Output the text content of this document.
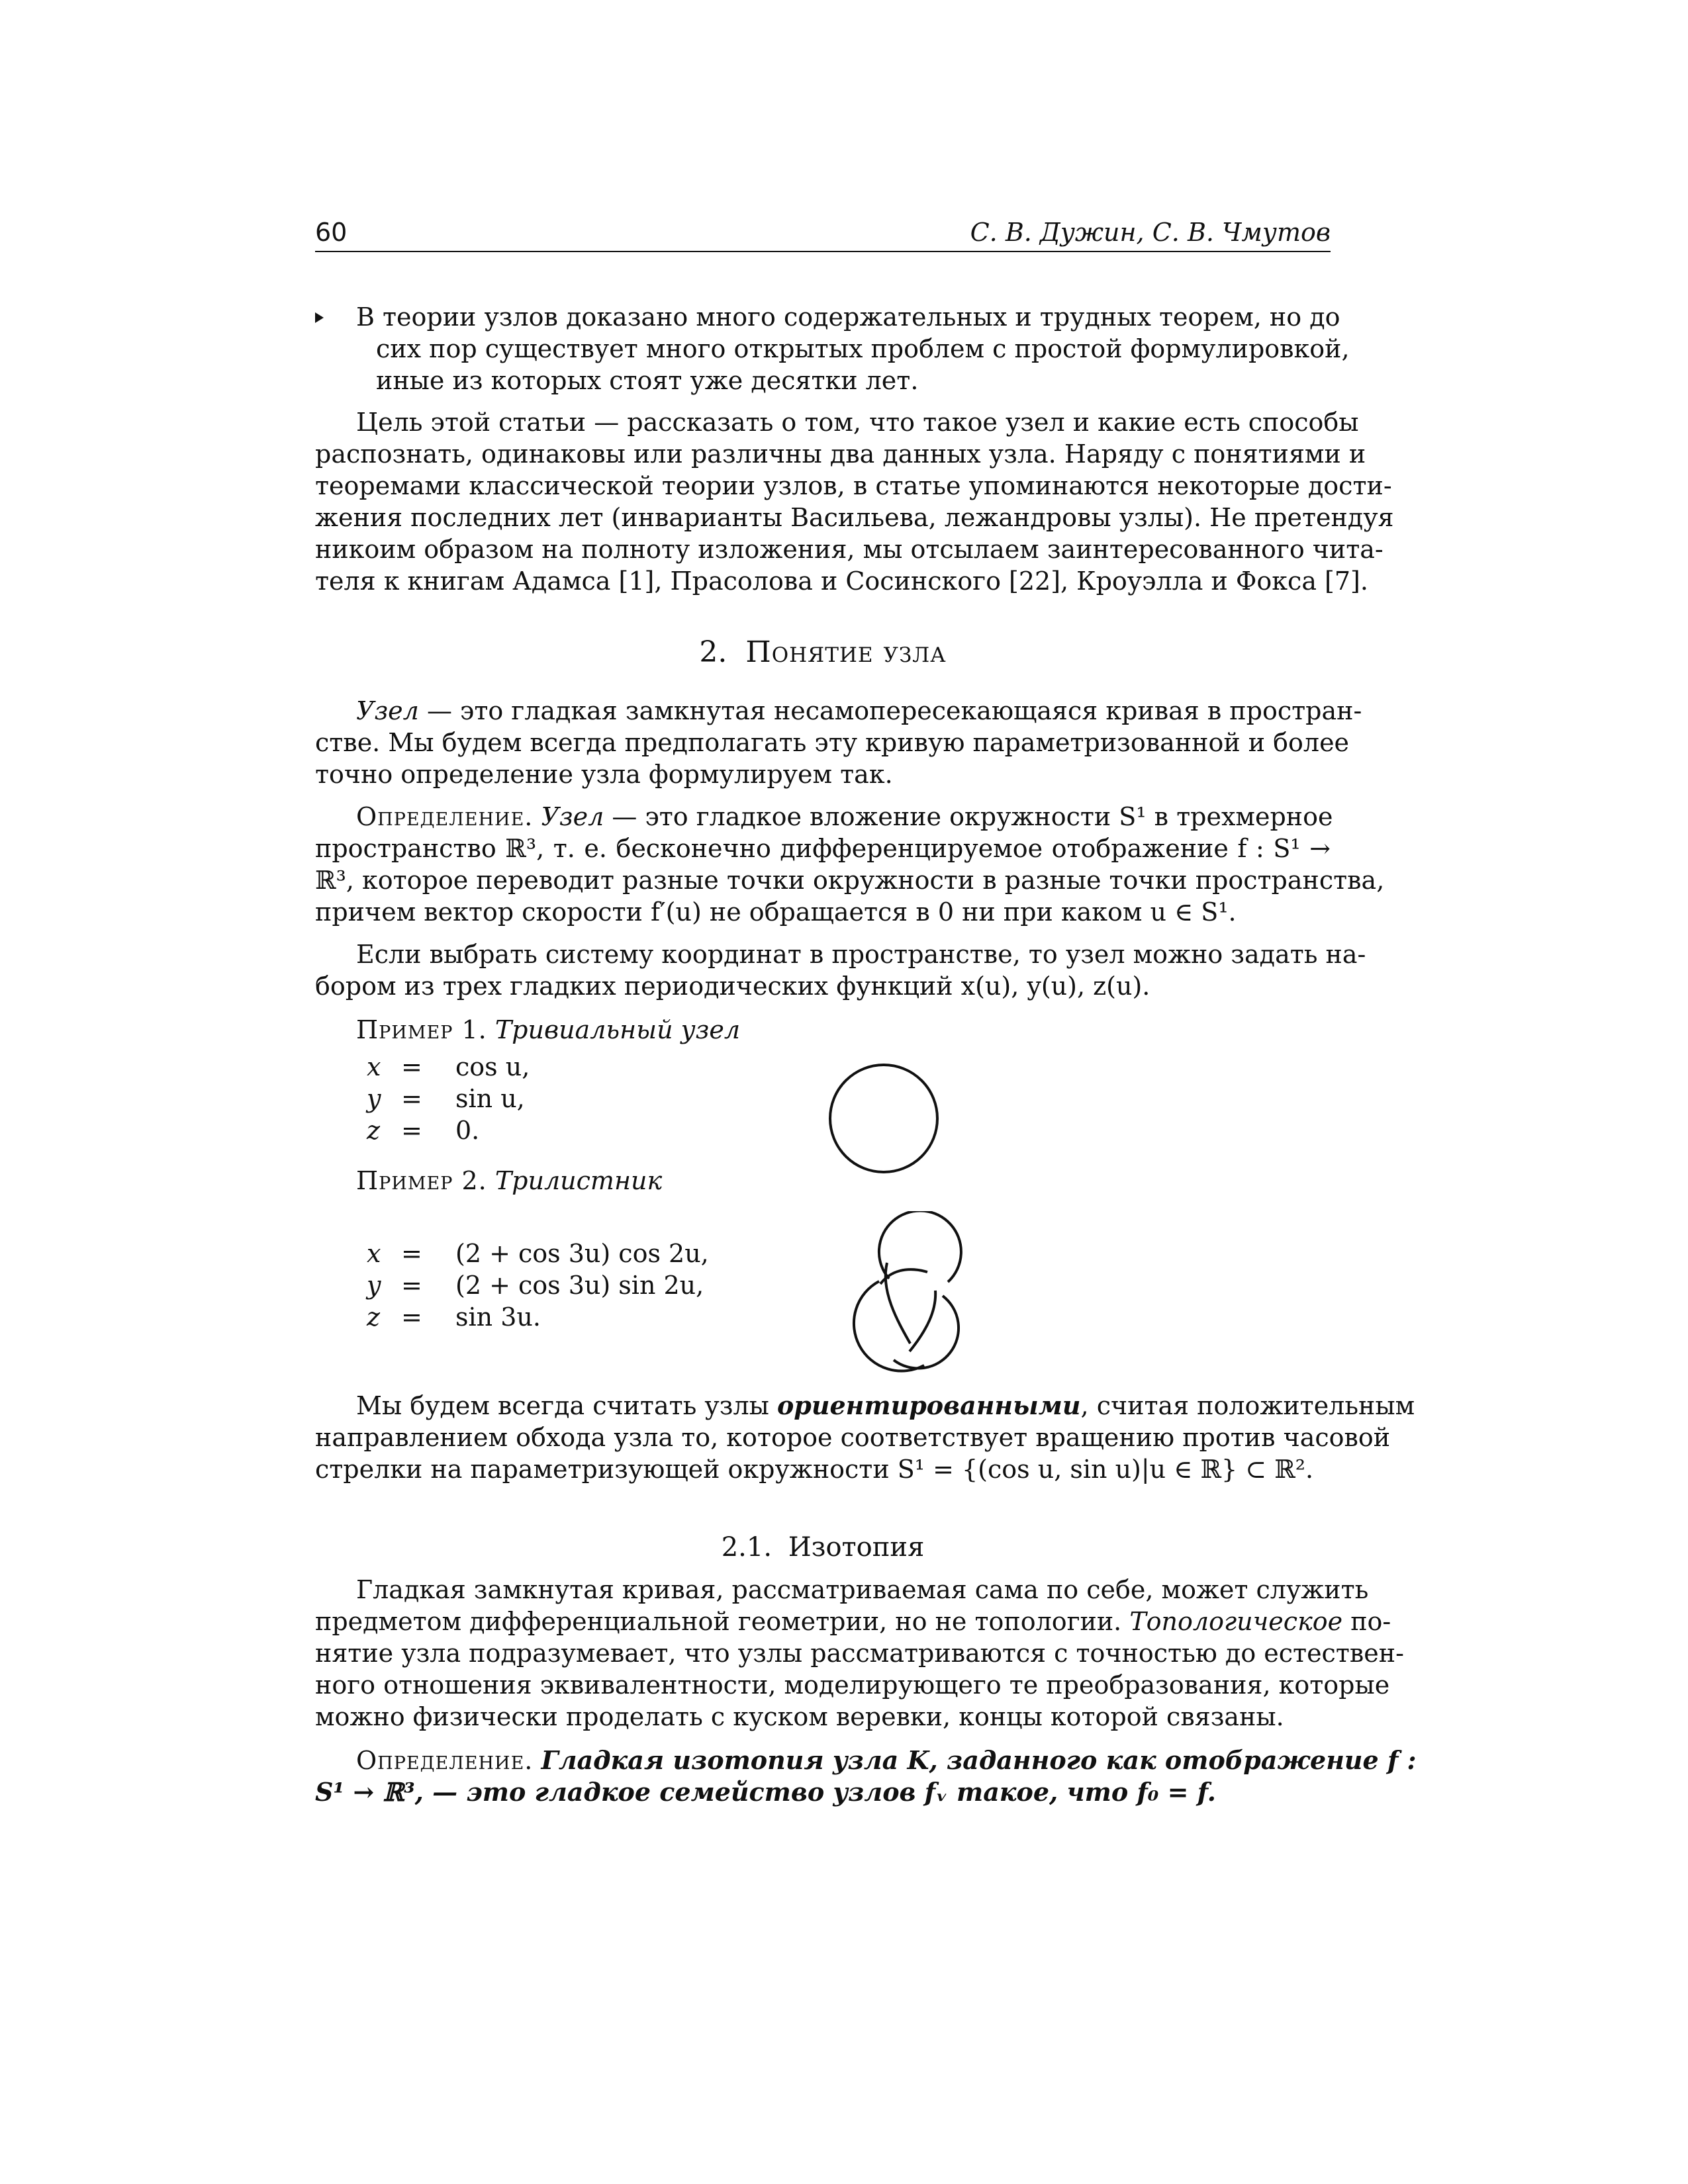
60	С. В. Дужин, С. В. Чмутов
В теории узлов доказано много содержательных и трудных теорем, но до
сих пор существует много открытых проблем с простой формулировкой,
иные из которых стоят уже десятки лет.
Цель этой статьи — рассказать о том, что такое узел и какие есть способы
распознать, одинаковы или различны два данных узла. Наряду с понятиями и
теоремами классической теории узлов, в статье упоминаются некоторые дости-
жения последних лет (инварианты Васильева, лежандровы узлы). Не претендуя
никоим образом на полноту изложения, мы отсылаем заинтересованного чита-
теля к книгам Адамса [1], Прасолова и Сосинского [22], Кроуэлла и Фокса [7].
2. Понятие узла
Узел — это гладкая замкнутая несамопересекающаяся кривая в простран-
стве. Мы будем всегда предполагать эту кривую параметризованной и более
точно определение узла формулируем так.
Определение. Узел — это гладкое вложение окружности S¹ в трехмерное
пространство ℝ³, т. е. бесконечно дифференцируемое отображение f : S¹ →
ℝ³, которое переводит разные точки окружности в разные точки пространства,
причем вектор скорости f′(u) не обращается в 0 ни при каком u ∈ S¹.
Если выбрать систему координат в пространстве, то узел можно задать на-
бором из трех гладких периодических функций x(u), y(u), z(u).
Пример 1. Тривиальный узел
x = cos u,
y = sin u,
z = 0.
Пример 2. Трилистник
x = (2 + cos 3u) cos 2u,
y = (2 + cos 3u) sin 2u,
z = sin 3u.
Мы будем всегда считать узлы ориентированными, считая положительным
направлением обхода узла то, которое соответствует вращению против часовой
стрелки на параметризующей окружности S¹ = {(cos u, sin u)|u ∈ ℝ} ⊂ ℝ².
2.1. Изотопия
Гладкая замкнутая кривая, рассматриваемая сама по себе, может служить
предметом дифференциальной геометрии, но не топологии. Топологическое по-
нятие узла подразумевает, что узлы рассматриваются с точностью до естествен-
ного отношения эквивалентности, моделирующего те преобразования, которые
можно физически проделать с куском веревки, концы которой связаны.
Определение. Гладкая изотопия узла K, заданного как отображение f :
S¹ → ℝ³, — это гладкое семейство узлов fᵥ такое, что f₀ = f.
